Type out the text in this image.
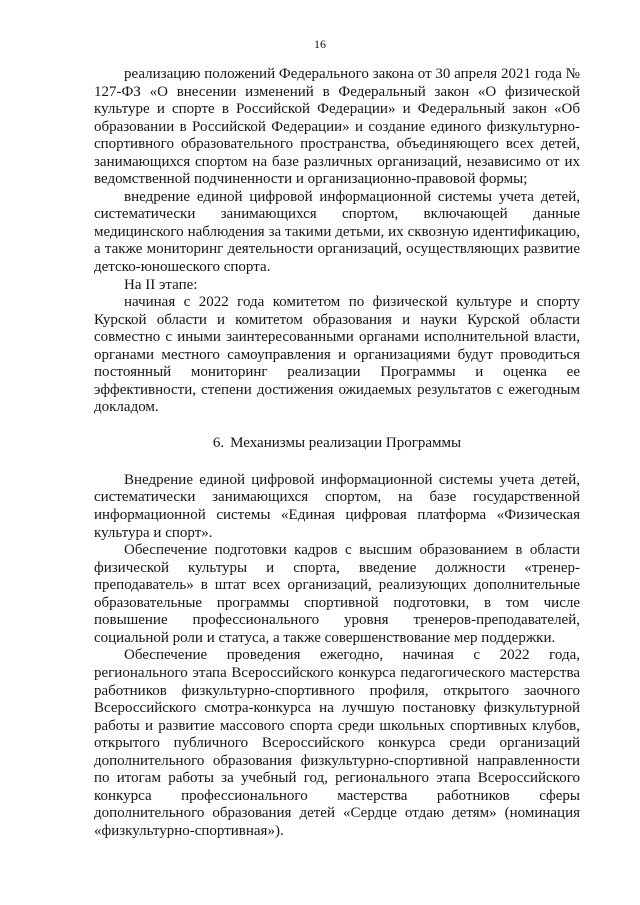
16

реализацию положений Федерального закона от 30 апреля 2021 года № 127-ФЗ «О внесении изменений в Федеральный закон «О физической культуре и спорте в Российской Федерации» и Федеральный закон «Об образовании в Российской Федерации» и создание единого физкультурно-спортивного образовательного пространства, объединяющего всех детей, занимающихся спортом на базе различных организаций, независимо от их ведомственной подчиненности и организационно-правовой формы;

внедрение единой цифровой информационной системы учета детей, систематически занимающихся спортом, включающей данные медицинского наблюдения за такими детьми, их сквозную идентификацию, а также мониторинг деятельности организаций, осуществляющих развитие детско-юношеского спорта.

На II этапе:

начиная с 2022 года комитетом по физической культуре и спорту Курской области и комитетом образования и науки Курской области совместно с иными заинтересованными органами исполнительной власти, органами местного самоуправления и организациями будут проводиться постоянный мониторинг реализации Программы и оценка ее эффективности, степени достижения ожидаемых результатов с ежегодным докладом.

6. Механизмы реализации Программы

Внедрение единой цифровой информационной системы учета детей, систематически занимающихся спортом, на базе государственной информационной системы «Единая цифровая платформа «Физическая культура и спорт».

Обеспечение подготовки кадров с высшим образованием в области физической культуры и спорта, введение должности «тренер-преподаватель» в штат всех организаций, реализующих дополнительные образовательные программы спортивной подготовки, в том числе повышение профессионального уровня тренеров-преподавателей, социальной роли и статуса, а также совершенствование мер поддержки.

Обеспечение проведения ежегодно, начиная с 2022 года, регионального этапа Всероссийского конкурса педагогического мастерства работников физкультурно-спортивного профиля, открытого заочного Всероссийского смотра-конкурса на лучшую постановку физкультурной работы и развитие массового спорта среди школьных спортивных клубов, открытого публичного Всероссийского конкурса среди организаций дополнительного образования физкультурно-спортивной направленности по итогам работы за учебный год, регионального этапа Всероссийского конкурса профессионального мастерства работников сферы дополнительного образования детей «Сердце отдаю детям» (номинация «физкультурно-спортивная»).
